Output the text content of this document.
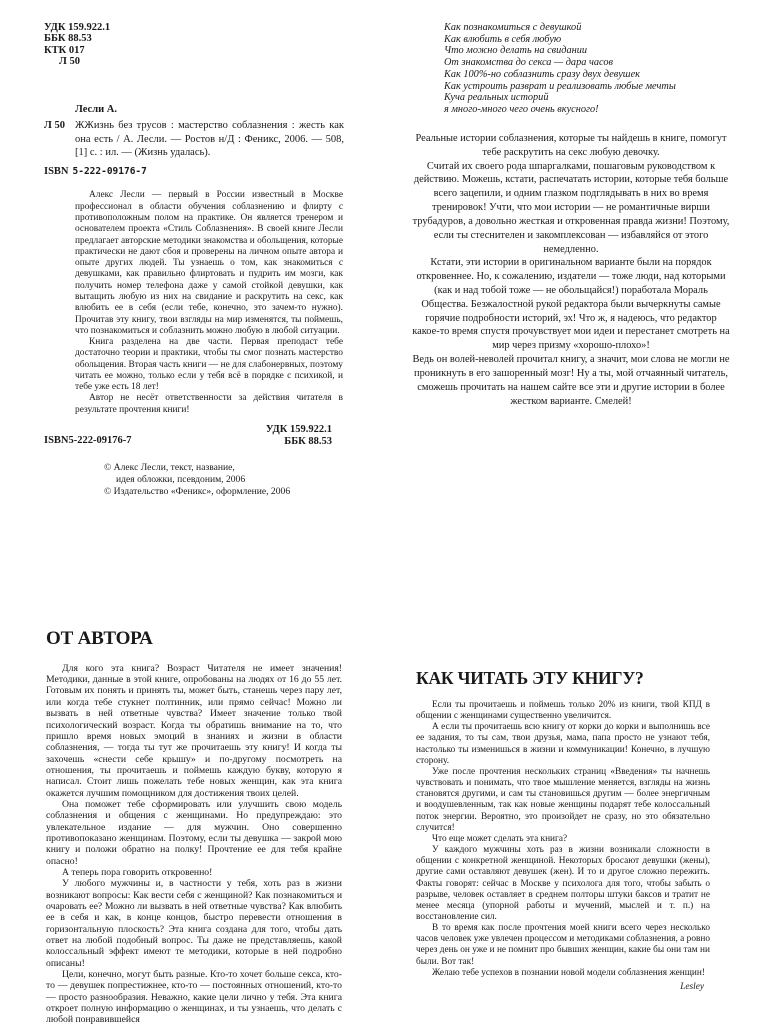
УДК 159.922.1
ББК 88.53
КТК 017
Л 50
Лесли А.
Л 50 ЖЖизнь без трусов : мастерство соблазнения : жесть как она есть / А. Лесли. — Ростов н/Д : Феникс, 2006. — 508, [1] с. : ил. — (Жизнь удалась).
ISBN 5-222-09176-7

Алекс Лесли — первый в России известный в Москве профессионал в области обучения соблазнению и флирту с противоположным полом на практике. Он является тренером и основателем проекта «Стиль Соблазнения». В своей книге Лесли предлагает авторские методики знакомства и обольщения, которые практически не дают сбоя и проверены на личном опыте автора и опыте других людей. Ты узнаешь о том, как знакомиться с девушками, как правильно флиртовать и пудрить им мозги, как получить номер телефона даже у самой стойкой девушки, как вытащить любую из них на свидание и раскрутить на секс, как влюбить ее в себя (если тебе, конечно, это зачем-то нужно). Прочитав эту книгу, твои взгляды на мир изменятся, ты поймешь, что познакомиться и соблазнить можно любую в любой ситуации.

Книга разделена на две части. Первая преподаст тебе достаточно теории и практики, чтобы ты смог познать мастерство обольщения. Вторая часть книги — не для слабонервных, поэтому читать ее можно, только если у тебя всё в порядке с психикой, и тебе уже есть 18 лет!

Автор не несёт ответственности за действия читателя в результате прочтения книги!

ISBN5-222-09176-7
УДК 159.922.1
ББК 88.53
© Алекс Лесли, текст, название,
идея обложки, псевдоним, 2006
© Издательство «Феникс», оформление, 2006
Как познакомиться с девушкой
Как влюбить в себя любую
Что можно делать на свидании
От знакомства до секса — дара часов
Как 100%-но соблазнить сразу двух девушек
Как устроить разврат и реализовать любые мечты
Куча реальных историй
я много-много чего очень вкусного!

Реальные истории соблазнения, которые ты найдешь в книге, помогут тебе раскрутить на секс любую девочку.

Считай их своего рода шпаргалками, пошаговым руководством к действию. Можешь, кстати, распечатать истории, которые тебя больше всего зацепили, и одним глазком подглядывать в них во время тренировок! Учти, что мои истории — не романтичные вирши трубадуров, а довольно жесткая и откровенная правда жизни! Поэтому, если ты стеснителен и закомплексован — избавляйся от этого немедленно.

Кстати, эти истории в оригинальном варианте были на порядок откровеннее. Но, к сожалению, издатели — тоже люди, над которыми (как и над тобой тоже — не обольщайся!) поработала Мораль Общества. Безжалостной рукой редактора были вычеркнуты самые горячие подробности историй, эх! Что ж, я надеюсь, что редактор какое-то время спустя прочувствует мои идеи и перестанет смотреть на мир через призму «хорошо-плохо»!

Ведь он волей-неволей прочитал книгу, а значит, мои слова не могли не проникнуть в его зашоренный мозг! Ну а ты, мой отчаянный читатель, сможешь прочитать на нашем сайте все эти и другие истории в более жестком варианте. Смелей!

ОТ АВТОРА

Для кого эта книга? Возраст Читателя не имеет значения! Методики, данные в этой книге, опробованы на людях от 16 до 55 лет. Готовым их понять и принять ты, может быть, станешь через пару лет, или когда тебе стукнет полтинник, или прямо сейчас! Можно ли вызвать в ней ответные чувства? Имеет значение только твой психологический возраст. Когда ты обратишь внимание на то, что пришло время новых эмоций в знаниях и жизни в области соблазнения, — тогда ты тут же прочитаешь эту книгу! И когда ты захочешь «снести себе крышу» и по-другому посмотреть на отношения, ты прочитаешь и поймешь каждую букву, которую я написал. Стоит лишь пожелать тебе новых женщин, как эта книга окажется лучшим помощником для достижения твоих целей.

Она поможет тебе сформировать или улучшить свою модель соблазнения и общения с женщинами. Но предупреждаю: это увлекательное издание — для мужчин. Оно совершенно противопоказано женщинам. Поэтому, если ты девушка — закрой мою книгу и положи обратно на полку! Прочтение ее для тебя крайне опасно!

А теперь пора говорить откровенно!

У любого мужчины и, в частности у тебя, хоть раз в жизни возникают вопросы: Как вести себя с женщиной? Как познакомиться и очаровать ее? Можно ли вызвать в ней ответные чувства? Как влюбить ее в себя и как, в конце концов, быстро перевести отношения в горизонтальную плоскость? Эта книга создана для того, чтобы дать ответ на любой подобный вопрос. Ты даже не представляешь, какой колоссальный эффект имеют те методики, которые в ней подробно описаны!

Цели, конечно, могут быть разные. Кто-то хочет больше секса, кто-то — девушек попрестижнее, кто-то — постоянных отношений, кто-то — просто разнообразия. Неважно, какие цели лично у тебя. Эта книга откроет полную информацию о женщинах, и ты узнаешь, что делать с любой понравившейся

КАК ЧИТАТЬ ЭТУ КНИГУ?

Если ты прочитаешь и поймешь только 20% из книги, твой КПД в общении с женщинами существенно увеличится.

А если ты прочитаешь всю книгу от корки до корки и выполнишь все ее задания, то ты сам, твои друзья, мама, папа просто не узнают тебя, настолько ты изменишься в жизни и коммуникации! Конечно, в лучшую сторону.

Уже после прочтения нескольких страниц «Введения» ты начнешь чувствовать и понимать, что твое мышление меняется, взгляды на жизнь становятся другими, и сам ты становишься другим — более энергичным и воодушевленным, так как новые женщины подарят тебе колоссальный поток энергии. Вероятно, это произойдет не сразу, но это обязательно случится!

Что еще может сделать эта книга?

У каждого мужчины хоть раз в жизни возникали сложности в общении с конкретной женщиной. Некоторых бросают девушки (жены), другие сами оставляют девушек (жен). И то и другое сложно пережить. Факты говорят: сейчас в Москве у психолога для того, чтобы забыть о разрыве, человек оставляет в среднем полторы штуки баксов и тратит не менее месяца (упорной работы и мучений, мыслей и т. п.) на восстановление сил.

В то время как после прочтения моей книги всего через несколько часов человек уже увлечен процессом и методиками соблазнения, а ровно через день он уже и не помнит про бывших женщин, какие бы они там ни были. Вот так!

Желаю тебе успехов в познании новой модели соблазнения женщин!

Lesley
